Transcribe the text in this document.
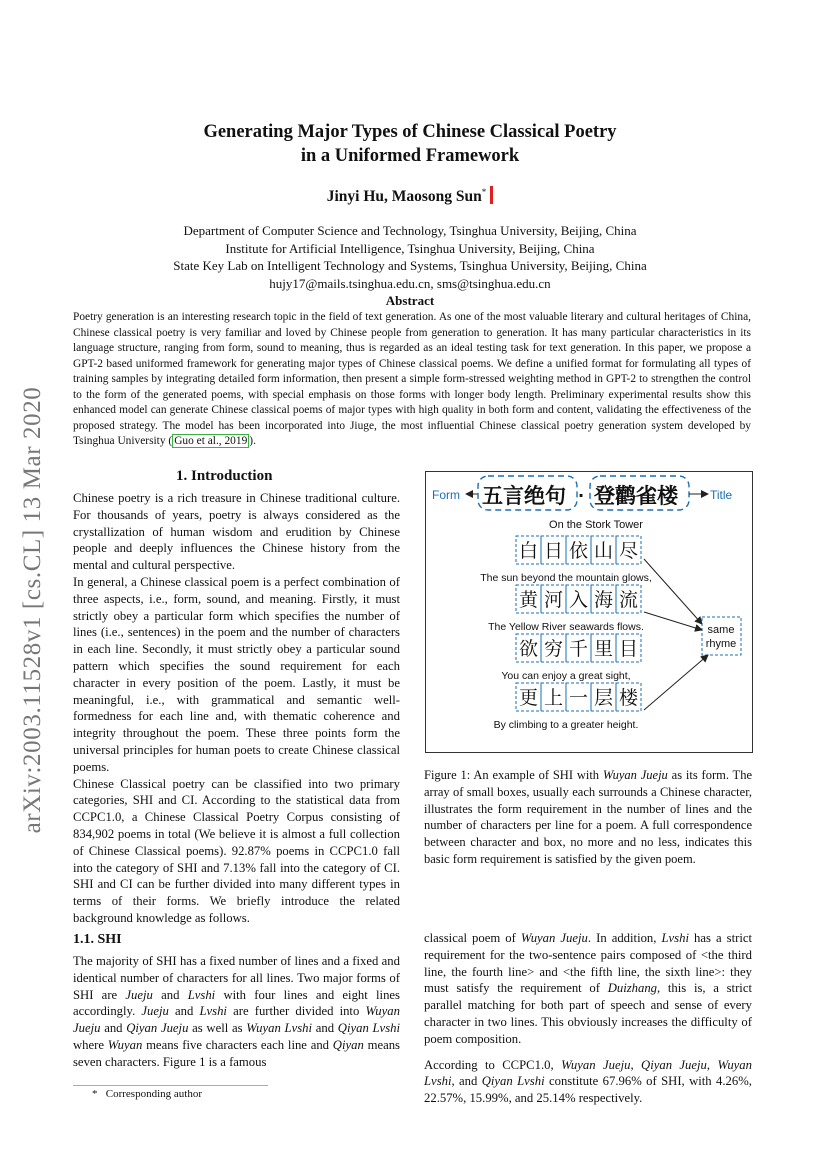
arXiv:2003.11528v1 [cs.CL] 13 Mar 2020
Generating Major Types of Chinese Classical Poetry
in a Uniformed Framework
Jinyi Hu, Maosong Sun*
Department of Computer Science and Technology, Tsinghua University, Beijing, China
Institute for Artificial Intelligence, Tsinghua University, Beijing, China
State Key Lab on Intelligent Technology and Systems, Tsinghua University, Beijing, China
hujy17@mails.tsinghua.edu.cn, sms@tsinghua.edu.cn
Abstract
Poetry generation is an interesting research topic in the field of text generation. As one of the most valuable literary and cultural heritages of China, Chinese classical poetry is very familiar and loved by Chinese people from generation to generation. It has many particular characteristics in its language structure, ranging from form, sound to meaning, thus is regarded as an ideal testing task for text generation. In this paper, we propose a GPT-2 based uniformed framework for generating major types of Chinese classical poems. We define a unified format for formulating all types of training samples by integrating detailed form information, then present a simple form-stressed weighting method in GPT-2 to strengthen the control to the form of the generated poems, with special emphasis on those forms with longer body length. Preliminary experimental results show this enhanced model can generate Chinese classical poems of major types with high quality in both form and content, validating the effectiveness of the proposed strategy. The model has been incorporated into Jiuge, the most influential Chinese classical poetry generation system developed by Tsinghua University ( Guo et al., 2019 ).
1. Introduction

Chinese poetry is a rich treasure in Chinese traditional culture. For thousands of years, poetry is always considered as the crystallization of human wisdom and erudition by Chinese people and deeply influences the Chinese history from the mental and cultural perspective.

In general, a Chinese classical poem is a perfect combination of three aspects, i.e., form, sound, and meaning. Firstly, it must strictly obey a particular form which specifies the number of lines (i.e., sentences) in the poem and the number of characters in each line. Secondly, it must strictly obey a particular sound pattern which specifies the sound requirement for each character in every position of the poem. Lastly, it must be meaningful, i.e., with grammatical and semantic well-formedness for each line and, with thematic coherence and integrity throughout the poem. These three points form the universal principles for human poets to create Chinese classical poems.

Chinese Classical poetry can be classified into two primary categories, SHI and CI. According to the statistical data from CCPC1.0, a Chinese Classical Poetry Corpus consisting of 834,902 poems in total (We believe it is almost a full collection of Chinese Classical poems). 92.87% poems in CCPC1.0 fall into the category of SHI and 7.13% fall into the category of CI. SHI and CI can be further divided into many different types in terms of their forms. We briefly introduce the related background knowledge as follows.

1.1. SHI

The majority of SHI has a fixed number of lines and a fixed and identical number of characters for all lines. Two major forms of SHI are Jueju and Lvshi with four lines and eight lines accordingly. Jueju and Lvshi are further divided into Wuyan Jueju and Qiyan Jueju as well as Wuyan Lvshi and Qiyan Lvshi where Wuyan means five characters each line and Qiyan means seven characters. Figure 1 is a famous

* Corresponding author
Form 五言绝句 · 登鹳雀楼	Title
On the Stork Tower
白 日 依 山 尽
The sun beyond the mountain glows,
黄 河 入 海 流
The Yellow River seawards flows.
欲 穷 千 里 目
You can enjoy a great sight,
更 上 一 层 楼
By climbing to a greater height.
same
rhyme
Figure 1: An example of SHI with Wuyan Jueju as its form. The array of small boxes, usually each surrounds a Chinese character, illustrates the form requirement in the number of lines and the number of characters per line for a poem. A full correspondence between character and box, no more and no less, indicates this basic form requirement is satisfied by the given poem.

classical poem of Wuyan Jueju. In addition, Lvshi has a strict requirement for the two-sentence pairs composed of <the third line, the fourth line> and <the fifth line, the sixth line>: they must satisfy the requirement of Duizhang, this is, a strict parallel matching for both part of speech and sense of every character in two lines. This obviously increases the difficulty of poem composition.

According to CCPC1.0, Wuyan Jueju, Qiyan Jueju, Wuyan Lvshi, and Qiyan Lvshi constitute 67.96% of SHI, with 4.26%, 22.57%, 15.99%, and 25.14% respectively.
